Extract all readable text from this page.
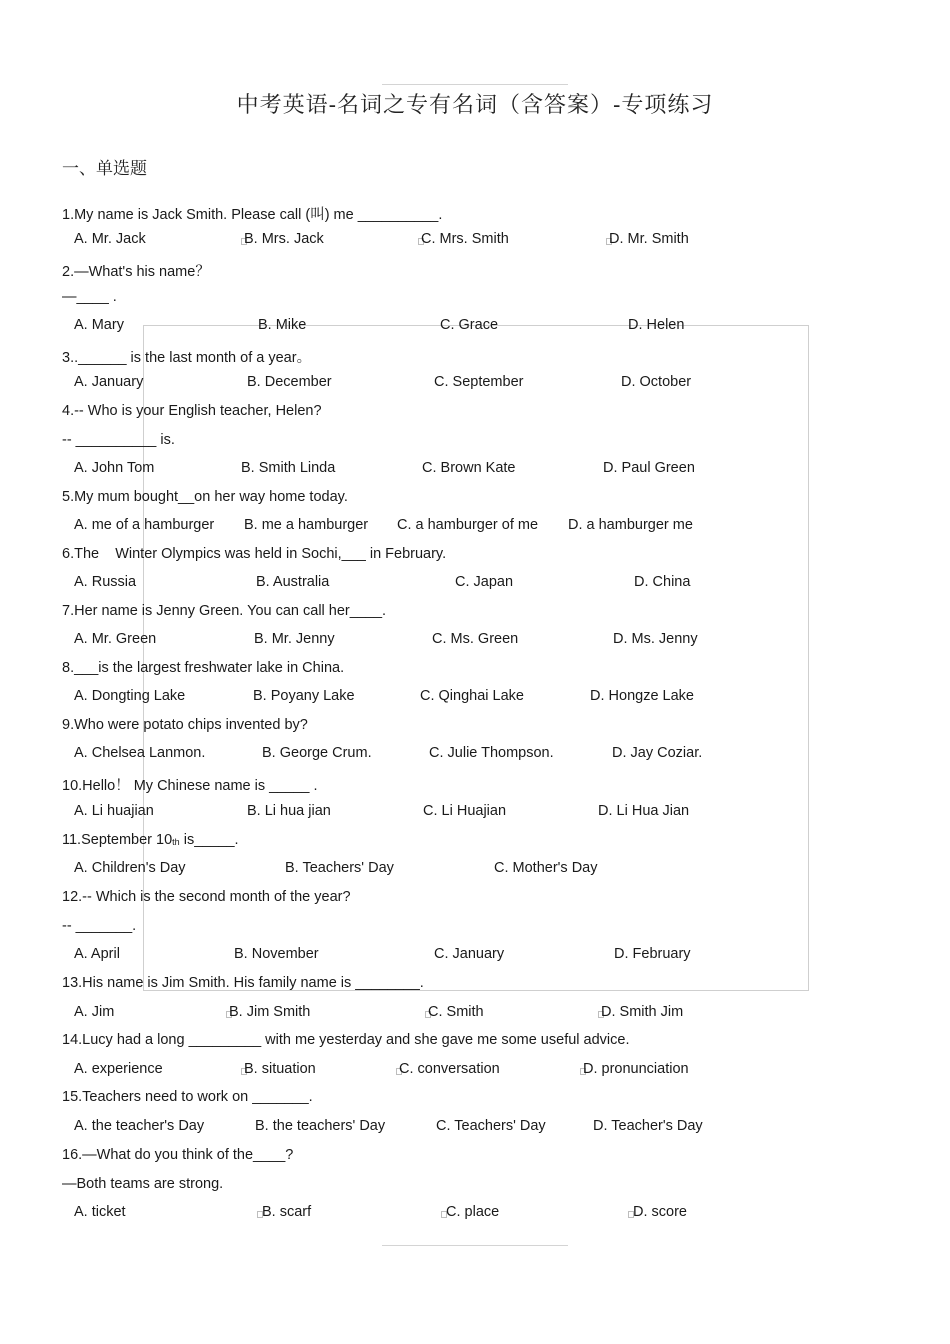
中考英语-名词之专有名词（含答案）-专项练习
一、单选题
1.My name is Jack Smith. Please call (叫) me __________.
A. Mr. Jack	B. Mrs. Jack	C. Mrs. Smith	D. Mr. Smith
2.—What's his name？
—____ .
A. Mary	B. Mike	C. Grace	D. Helen
3..______ is the last month of a year。
A. January	B. December	C. September	D. October
4.-- Who is your English teacher, Helen?
-- __________ is.
A. John Tom	B. Smith Linda	C. Brown Kate	D. Paul Green
5.My mum bought__on her way home today.
A. me of a hamburger B. me a hamburger C. a hamburger of me D. a hamburger me
6.The    Winter Olympics was held in Sochi,___ in February.
A. Russia	B. Australia	C. Japan	D. China
7.Her name is Jenny Green. You can call her____.
A. Mr. Green	B. Mr. Jenny	C. Ms. Green	D. Ms. Jenny
8.___is the largest freshwater lake in China.
A. Dongting Lake	B. Poyany Lake	C. Qinghai Lake	D. Hongze Lake
9.Who were potato chips invented by?
A. Chelsea Lanmon.	B. George Crum.	C. Julie Thompson.	D. Jay Coziar.
10.Hello！ My Chinese name is _____ .
A. Li huajian	B. Li hua jian	C. Li Huajian	D. Li Hua Jian
11.September $10_{th}$ is_____.
A. Children's Day	B. Teachers' Day	C. Mother's Day
12.-- Which is the second month of the year?
-- _______.
A. April	B. November	C. January	D. February
13.His name is Jim Smith. His family name is ________.
A. Jim	B. Jim Smith	C. Smith	D. Smith Jim
14.Lucy had a long _________ with me yesterday and she gave me some useful advice.
A. experience	B. situation	C. conversation	D. pronunciation
15.Teachers need to work on _______.
A. the teacher's Day	B. the teachers' Day	C. Teachers' Day	D. Teacher's Day
16.—What do you think of the____?
—Both teams are strong.
A. ticket	B. scarf	C. place	D. score
